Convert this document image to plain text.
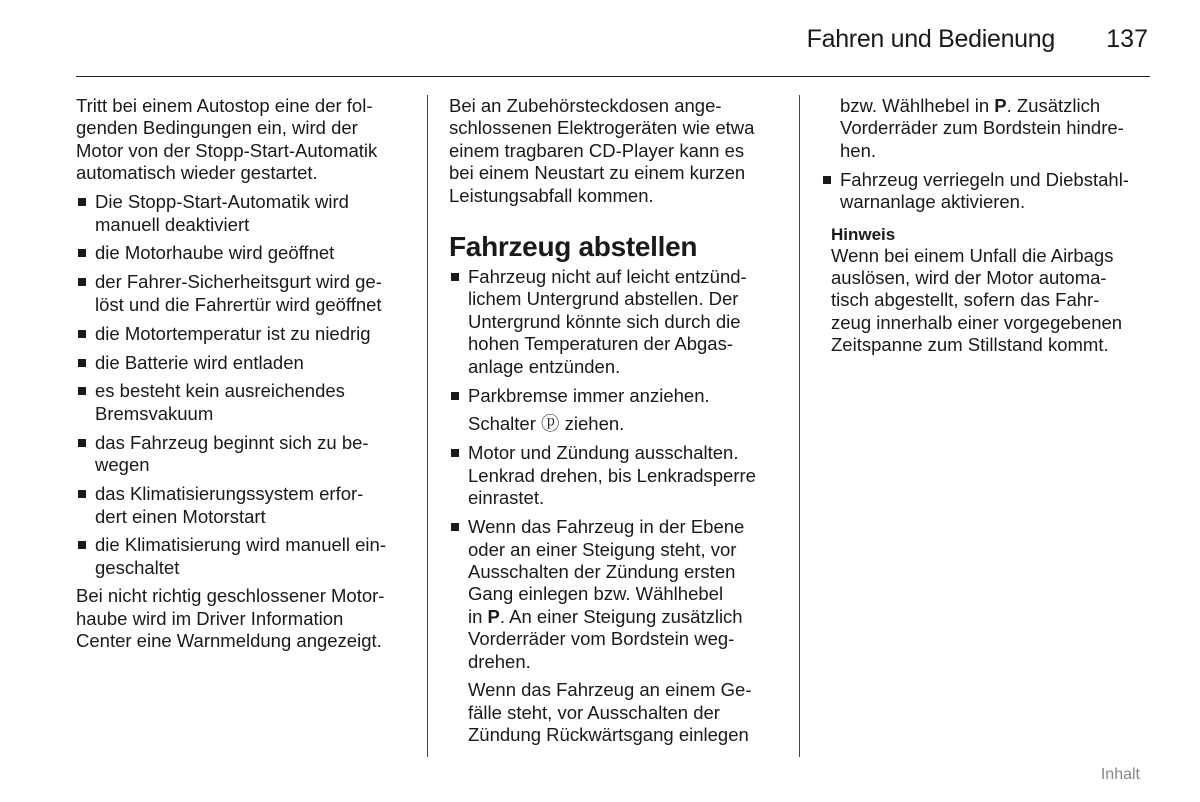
Fahren und Bedienung 137

Tritt bei einem Autostop eine der fol-
genden Bedingungen ein, wird der
Motor von der Stopp-Start-Automatik
automatisch wieder gestartet.

Die Stopp-Start-Automatik wird
manuell deaktiviert
die Motorhaube wird geöffnet
der Fahrer-Sicherheitsgurt wird ge-
löst und die Fahrertür wird geöffnet
die Motortemperatur ist zu niedrig
die Batterie wird entladen
es besteht kein ausreichendes
Bremsvakuum
das Fahrzeug beginnt sich zu be-
wegen
das Klimatisierungssystem erfor-
dert einen Motorstart
die Klimatisierung wird manuell ein-
geschaltet

Bei nicht richtig geschlossener Motor-
haube wird im Driver Information
Center eine Warnmeldung angezeigt.

Bei an Zubehörsteckdosen ange-
schlossenen Elektrogeräten wie etwa
einem tragbaren CD-Player kann es
bei einem Neustart zu einem kurzen
Leistungsabfall kommen.

Fahrzeug abstellen
Fahrzeug nicht auf leicht entzünd-
lichem Untergrund abstellen. Der
Untergrund könnte sich durch die
hohen Temperaturen der Abgas-
anlage entzünden.
Parkbremse immer anziehen.

Schalter ⓟ ziehen.

Motor und Zündung ausschalten.
Lenkrad drehen, bis Lenkradsperre
einrastet.
Wenn das Fahrzeug in der Ebene
oder an einer Steigung steht, vor
Ausschalten der Zündung ersten
Gang einlegen bzw. Wählhebel
in P. An einer Steigung zusätzlich
Vorderräder vom Bordstein weg-
drehen.

Wenn das Fahrzeug an einem Ge-
fälle steht, vor Ausschalten der
Zündung Rückwärtsgang einlegen

bzw. Wählhebel in P. Zusätzlich
Vorderräder zum Bordstein hindre-
hen.

Fahrzeug verriegeln und Diebstahl-
warnanlage aktivieren.
Hinweis

Wenn bei einem Unfall die Airbags
auslösen, wird der Motor automa-
tisch abgestellt, sofern das Fahr-
zeug innerhalb einer vorgegebenen
Zeitspanne zum Stillstand kommt.

Inhalt
